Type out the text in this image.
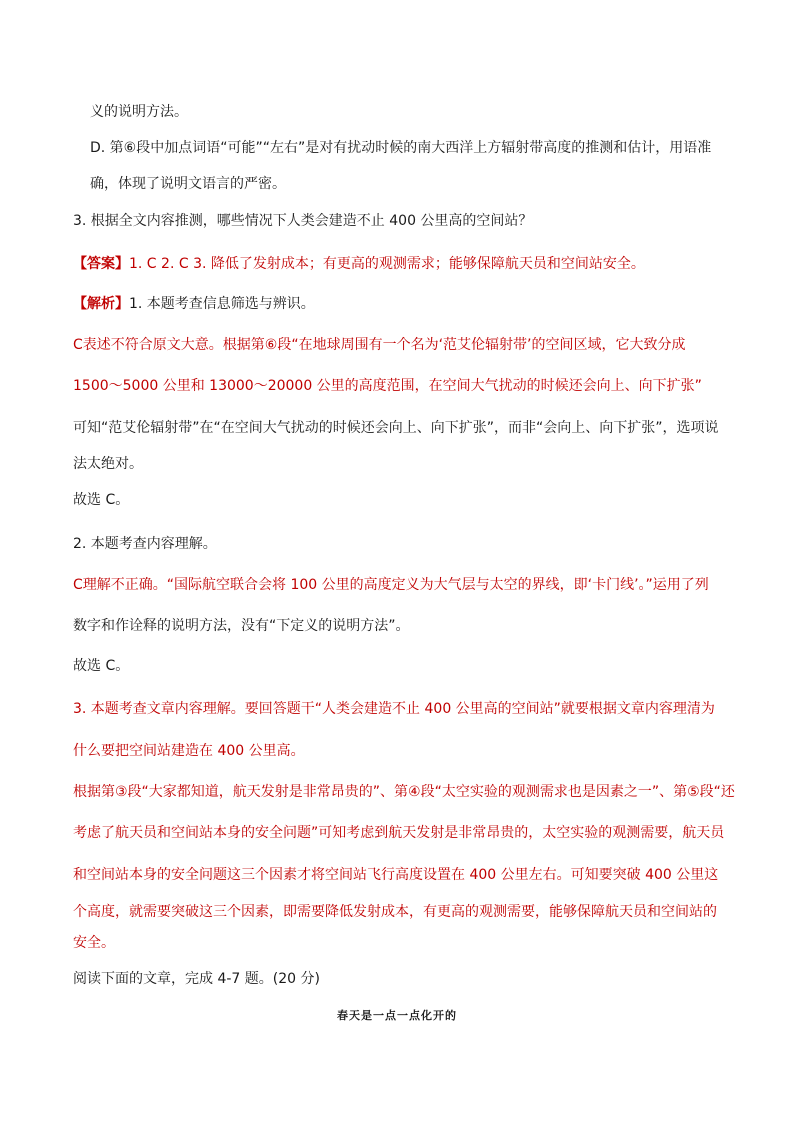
义的说明方法。
D. 第⑥段中加点词语“可能”“左右”是对有扰动时候的南大西洋上方辐射带高度的推测和估计，用语准
确，体现了说明文语言的严密。
3. 根据全文内容推测，哪些情况下人类会建造不止 400 公里高的空间站？
【答案】1. C 2. C 3. 降低了发射成本；有更高的观测需求；能够保障航天员和空间站安全。
【解析】1. 本题考查信息筛选与辨识。
C表述不符合原文大意。根据第⑥段“在地球周围有一个名为‘范艾伦辐射带’的空间区域，它大致分成
1500～5000 公里和 13000～20000 公里的高度范围，在空间大气扰动的时候还会向上、向下扩张”
可知“范艾伦辐射带”在“在空间大气扰动的时候还会向上、向下扩张”，而非“会向上、向下扩张”，选项说
法太绝对。
故选 C。
2. 本题考查内容理解。
C理解不正确。“国际航空联合会将 100 公里的高度定义为大气层与太空的界线，即‘卡门线’。”运用了列
数字和作诠释的说明方法，没有“下定义的说明方法”。
故选 C。
3. 本题考查文章内容理解。要回答题干“人类会建造不止 400 公里高的空间站”就要根据文章内容理清为
什么要把空间站建造在 400 公里高。
根据第③段“大家都知道，航天发射是非常昂贵的”、第④段“太空实验的观测需求也是因素之一”、第⑤段“还
考虑了航天员和空间站本身的安全问题”可知考虑到航天发射是非常昂贵的，太空实验的观测需要，航天员
和空间站本身的安全问题这三个因素才将空间站飞行高度设置在 400 公里左右。可知要突破 400 公里这
个高度，就需要突破这三个因素，即需要降低发射成本，有更高的观测需要，能够保障航天员和空间站的
安全。
阅读下面的文章，完成 4-7 题。(20 分)
春天是一点一点化开的
